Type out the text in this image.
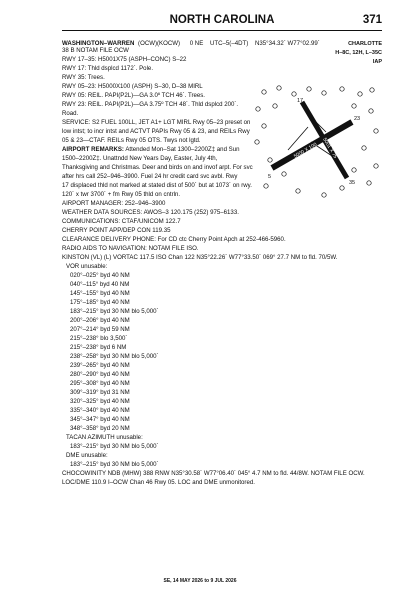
NORTH CAROLINA	371
WASHINGTON–WARREN (OCW)(KOCW) 0 NE UTC–5(–4DT) N35°34.32´ W77°02.99´
38 B NOTAM FILE OCW
RWY 17–35: H5001X75 (ASPH–CONC) S–22
RWY 17: Thld dsplcd 1172´. Pole.
RWY 35: Trees.
RWY 05–23: H5000X100 (ASPH) S–30, D–38 MIRL
RWY 05: REIL. PAPI(P2L)—GA 3.0º TCH 46´. Trees.
RWY 23: REIL. PAPI(P2L)—GA 3.75º TCH 48´. Thld dsplcd 200´.
Road.
SERVICE: S2 FUEL 100LL, JET A1+ LGT MIRL Rwy 05–23 preset on
low intst; to incr intst and ACTVT PAPIs Rwy 05 & 23, and REILs Rwy
05 & 23—CTAF. REILs Rwy 05 OTS. Twys not lgtd.
AIRPORT REMARKS: Attended Mon–Sat 1300–2200Z‡ and Sun
1500–2200Z‡. Unattndd New Years Day, Easter, July 4th,
Thanksgiving and Christmas. Deer and birds on and invof arpt. For svc
after hrs call 252–946–3900. Fuel 24 hr credit card svc avbl. Rwy
17 displaced thld not marked at stated dist of 500´ but at 1073´ on rwy.
120´ x twr 3700´ + fm Rwy 05 thld on cntrln.
AIRPORT MANAGER: 252–946–3900
WEATHER DATA SOURCES: AWOS–3 120.175 (252) 975–6133.
COMMUNICATIONS: CTAF/UNICOM 122.7
CHERRY POINT APP/DEP CON 119.35
CLEARANCE DELIVERY PHONE: For CD ctc Cherry Point Apch at 252-466-5960.
RADIO AIDS TO NAVIGATION: NOTAM FILE ISO.
KINSTON (VL) (L) VORTAC 117.5 ISO Chan 122 N35°22.26´ W77°33.50´ 069° 27.7 NM to fld. 70/5W.
VOR unusable:
020°–025° byd 40 NM
040°–115° byd 40 NM
145°–155° byd 40 NM
175°–185° byd 40 NM
183°–215° byd 30 NM blo 5,000´
200°–206° byd 40 NM
207°–214° byd 59 NM
215°–238° blo 3,500´
215°–238° byd 6 NM
238°–258° byd 30 NM blo 5,000´
239°–265° byd 40 NM
280°–290° byd 40 NM
295°–308° byd 40 NM
309°–319° byd 31 NM
320°–325° byd 40 NM
335°–340° byd 40 NM
345°–347° byd 40 NM
348°–358° byd 20 NM
TACAN AZIMUTH unusable:
183°–215° byd 30 NM blo 5,000´
DME unusable:
183°–215° byd 30 NM blo 5,000´
CHOCOWINITY NDB (MHW) 388 RNW N35°30.58´ W77°06.40´ 045° 4.7 NM to fld. 44/8W. NOTAM FILE OCW.
LOC/DME 110.9 I–OCW Chan 46 Rwy 05. LOC and DME unmonitored.
CHARLOTTE
H–8C, 12H, L–35C
IAP
5001 X 75
5000 X 100
17
35
5
23
SE, 14 MAY 2026 to 9 JUL 2026
